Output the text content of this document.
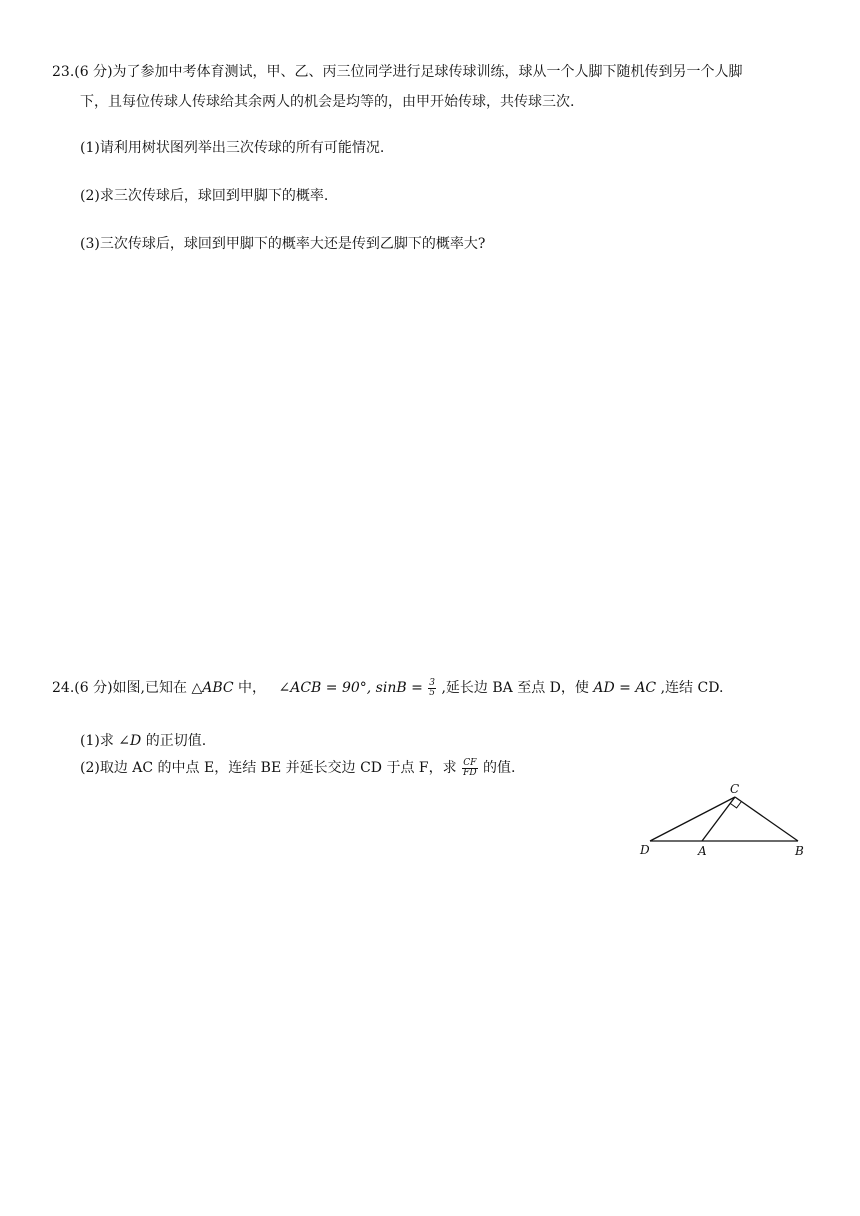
23.(6 分)为了参加中考体育测试，甲、乙、丙三位同学进行足球传球训练，球从一个人脚下随机传到另一个人脚
下，且每位传球人传球给其余两人的机会是均等的，由甲开始传球，共传球三次.
(1)请利用树状图列举出三次传球的所有可能情况.
(2)求三次传球后，球回到甲脚下的概率.
(3)三次传球后，球回到甲脚下的概率大还是传到乙脚下的概率大?
24.(6 分)如图,已知在 △ABC 中， ∠ACB = 90°, $\sin B = \frac{3}{5}$ ,延长边 BA 至点 D，使 AD = AC ,连结 CD.
(1)求 ∠D 的正切值.
(2)取边 AC 的中点 E，连结 BE 并延长交边 CD 于点 F，求 $\frac{CF}{FD}$ 的值.
C
D	A	B
